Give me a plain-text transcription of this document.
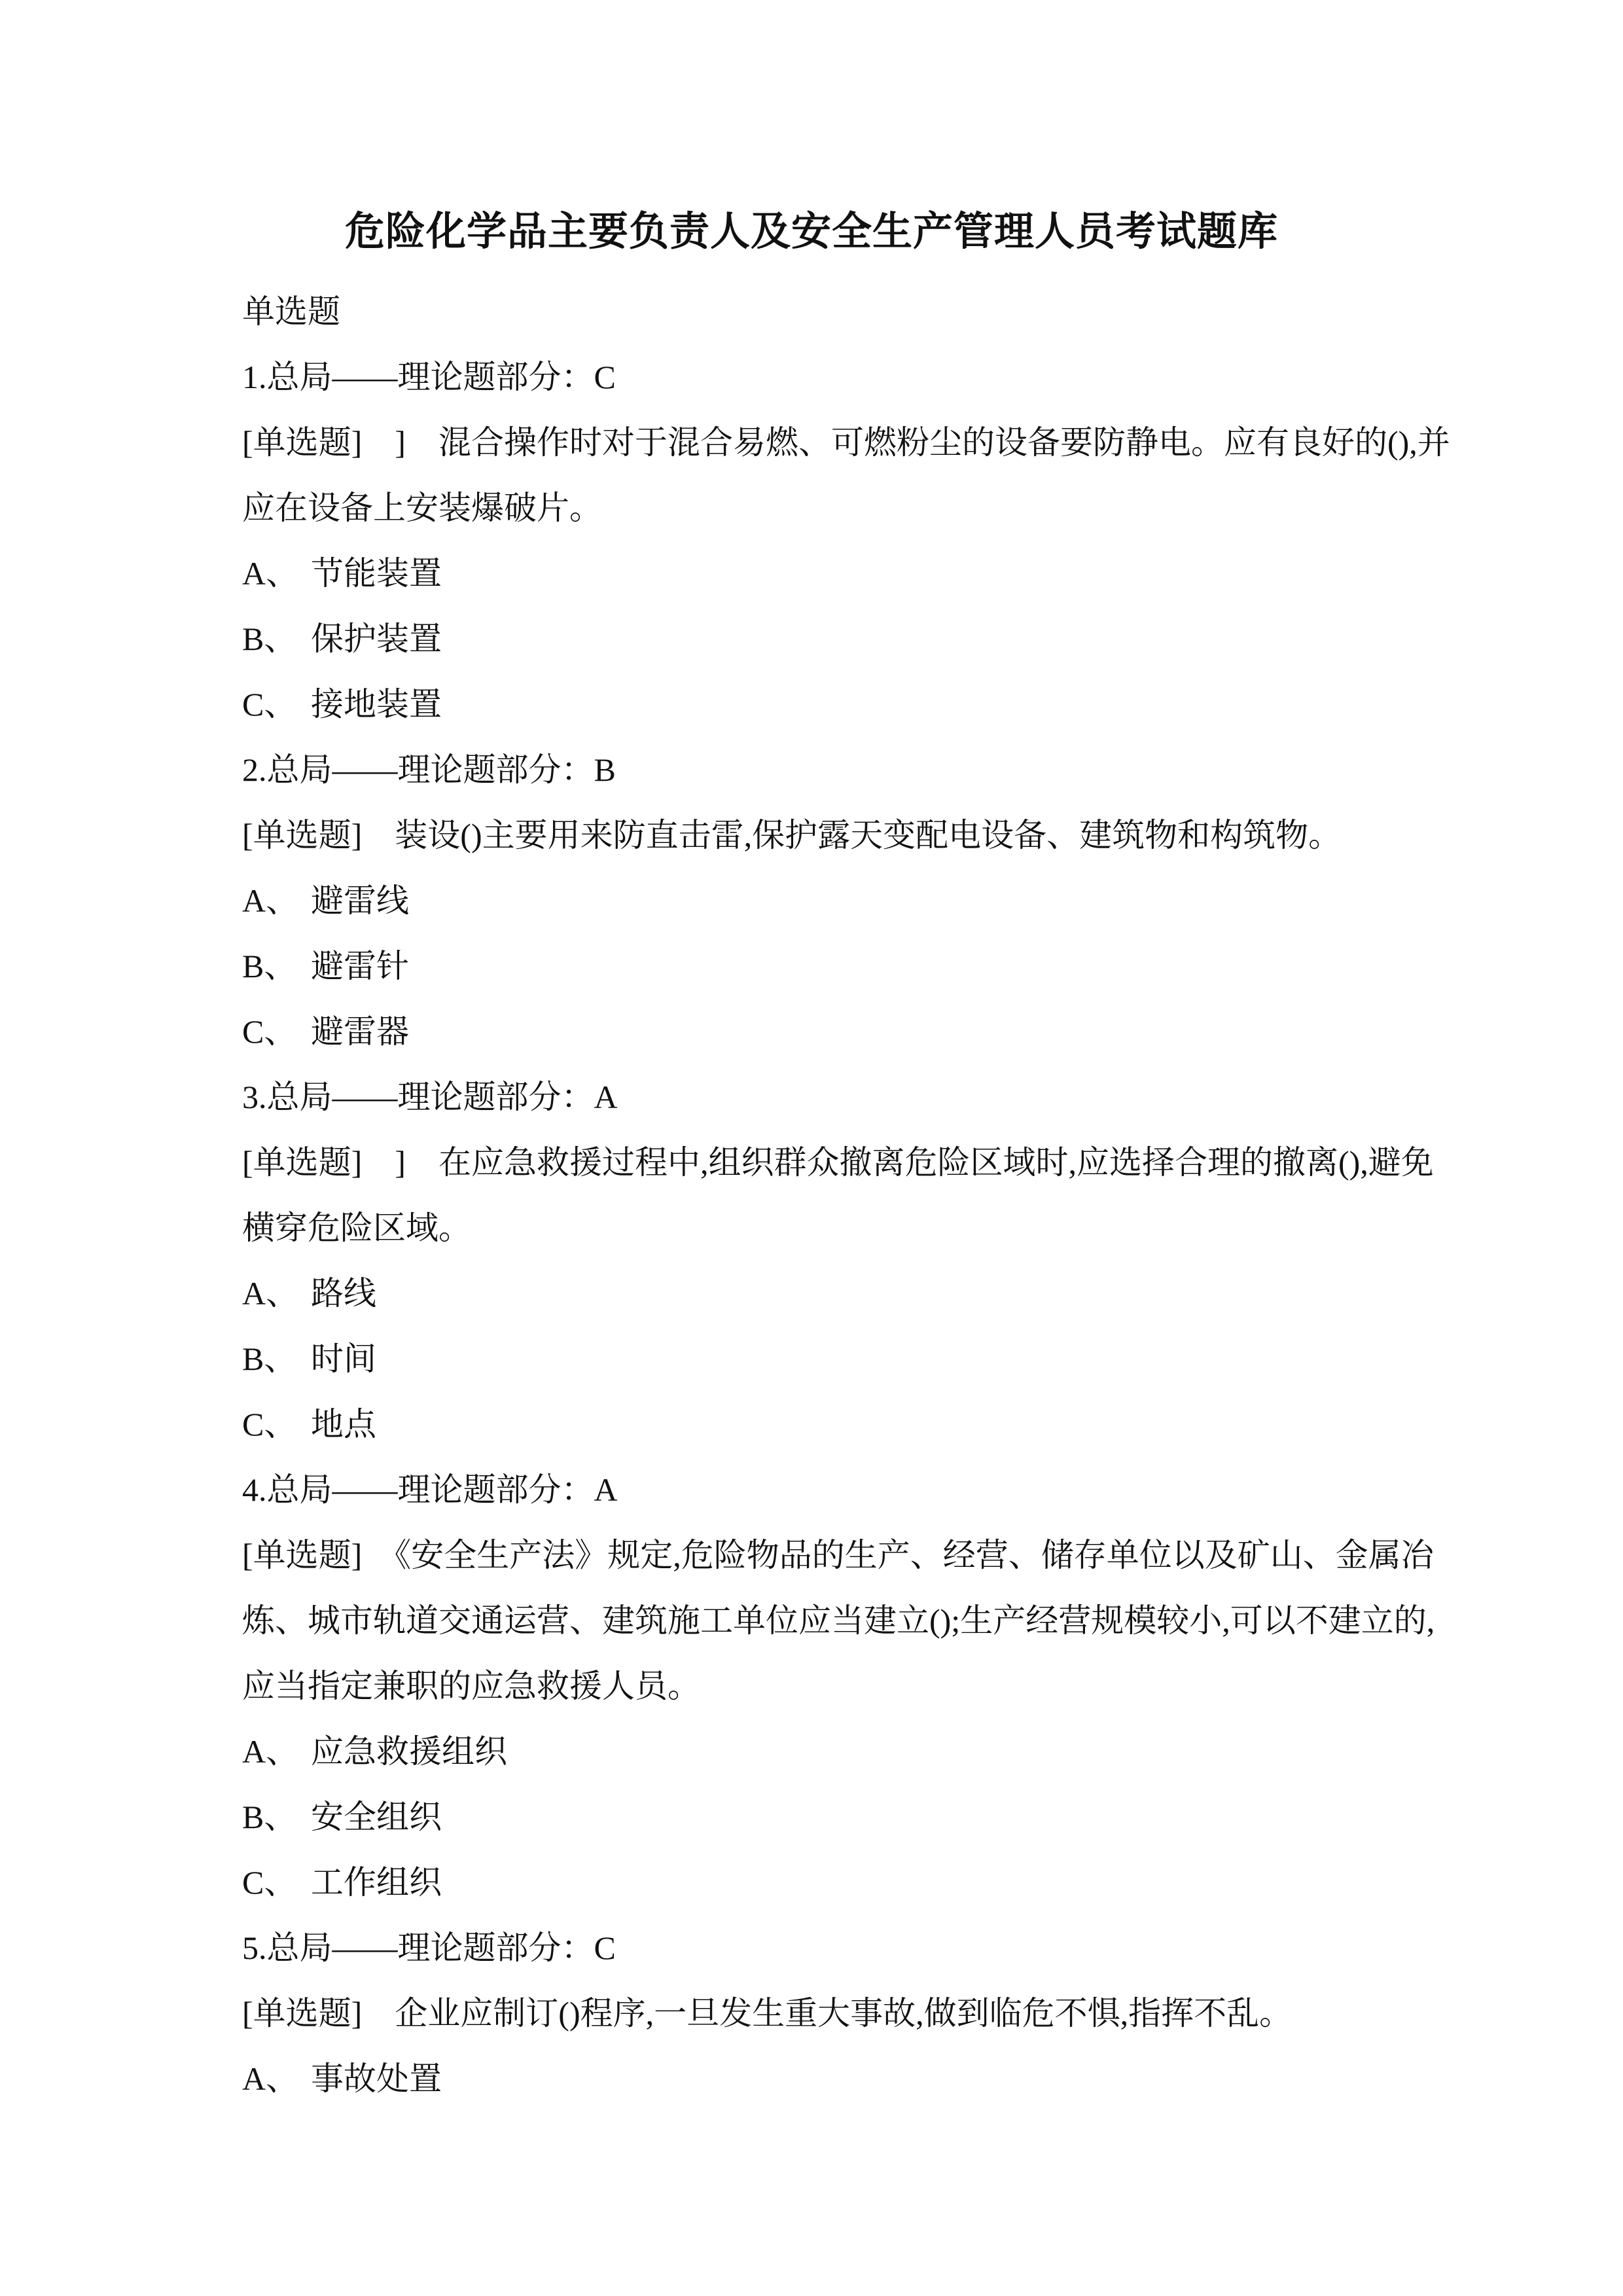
危险化学品主要负责人及安全生产管理人员考试题库
单选题
1.总局——理论题部分：C
[单选题]　]　混合操作时对于混合易燃、可燃粉尘的设备要防静电。应有良好的(),并
应在设备上安装爆破片。
A、 节能装置
B、 保护装置
C、 接地装置
2.总局——理论题部分：B
[单选题]　装设()主要用来防直击雷,保护露天变配电设备、建筑物和构筑物。
A、 避雷线
B、 避雷针
C、 避雷器
3.总局——理论题部分：A
[单选题]　]　在应急救援过程中,组织群众撤离危险区域时,应选择合理的撤离(),避免
横穿危险区域。
A、 路线
B、 时间
C、 地点
4.总局——理论题部分：A
[单选题]　《安全生产法》规定,危险物品的生产、经营、储存单位以及矿山、金属冶
炼、城市轨道交通运营、建筑施工单位应当建立();生产经营规模较小,可以不建立的,
应当指定兼职的应急救援人员。
A、 应急救援组织
B、 安全组织
C、 工作组织
5.总局——理论题部分：C
[单选题]　企业应制订()程序,一旦发生重大事故,做到临危不惧,指挥不乱。
A、 事故处置
